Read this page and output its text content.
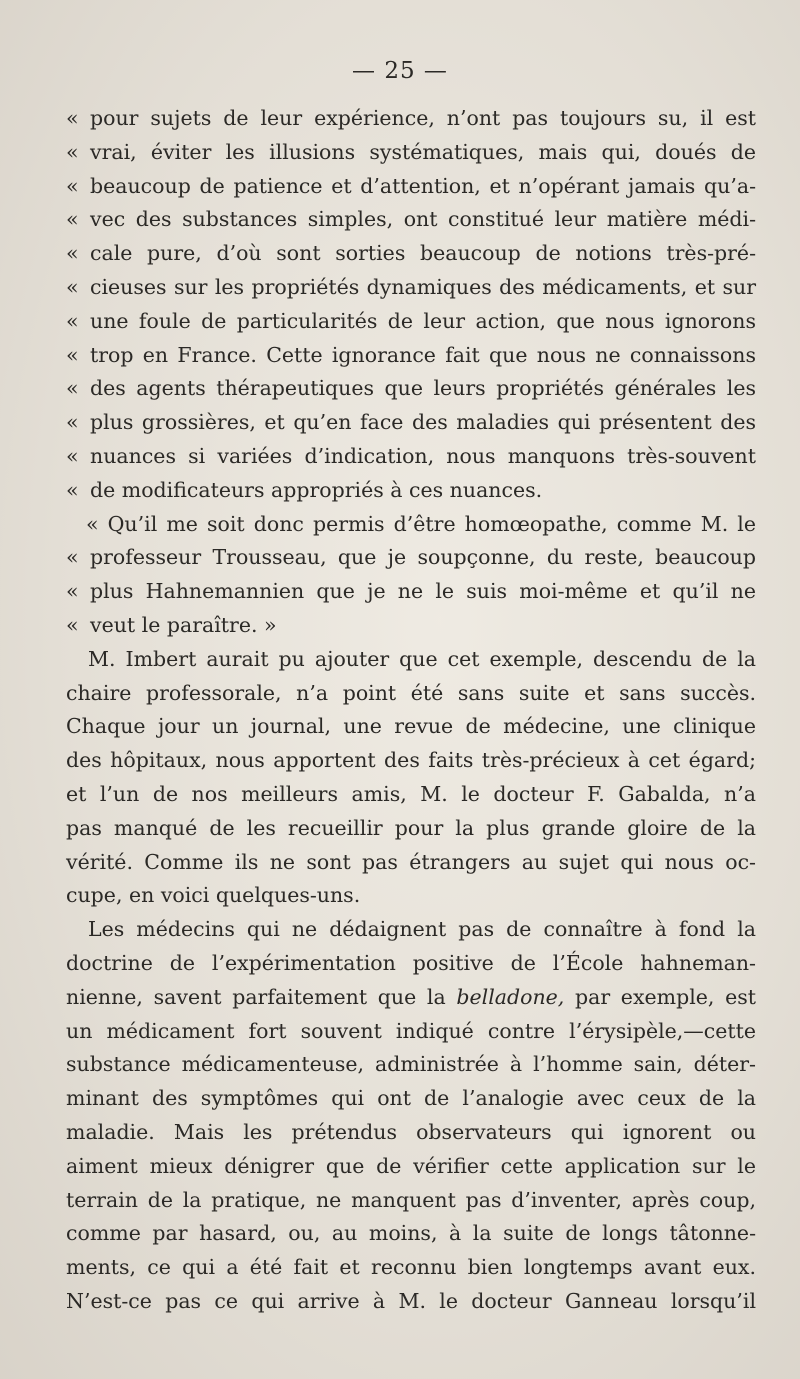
— 25 —
« pour sujets de leur expérience, n’ont pas toujours su, il est
« vrai, éviter les illusions systématiques, mais qui, doués de
« beaucoup de patience et d’attention, et n’opérant jamais qu’a-
« vec des substances simples, ont constitué leur matière médi-
« cale pure, d’où sont sorties beaucoup de notions très-pré-
« cieuses sur les propriétés dynamiques des médicaments, et sur
« une foule de particularités de leur action, que nous ignorons
« trop en France. Cette ignorance fait que nous ne connaissons
« des agents thérapeutiques que leurs propriétés générales les
« plus grossières, et qu’en face des maladies qui présentent des
« nuances si variées d’indication, nous manquons très-souvent
« de modificateurs appropriés à ces nuances.
« Qu’il me soit donc permis d’être homœopathe, comme M. le
« professeur Trousseau, que je soupçonne, du reste, beaucoup
« plus Hahnemannien que je ne le suis moi-même et qu’il ne
« veut le paraître. »
M. Imbert aurait pu ajouter que cet exemple, descendu de la
chaire professorale, n’a point été sans suite et sans succès.
Chaque jour un journal, une revue de médecine, une clinique
des hôpitaux, nous apportent des faits très-précieux à cet égard;
et l’un de nos meilleurs amis, M. le docteur F. Gabalda, n’a
pas manqué de les recueillir pour la plus grande gloire de la
vérité. Comme ils ne sont pas étrangers au sujet qui nous oc-
cupe, en voici quelques-uns.
Les médecins qui ne dédaignent pas de connaître à fond la
doctrine de l’expérimentation positive de l’École hahneman-
nienne, savent parfaitement que la belladone, par exemple, est
un médicament fort souvent indiqué contre l’érysipèle,—cette
substance médicamenteuse, administrée à l’homme sain, déter-
minant des symptômes qui ont de l’analogie avec ceux de la
maladie. Mais les prétendus observateurs qui ignorent ou
aiment mieux dénigrer que de vérifier cette application sur le
terrain de la pratique, ne manquent pas d’inventer, après coup,
comme par hasard, ou, au moins, à la suite de longs tâtonne-
ments, ce qui a été fait et reconnu bien longtemps avant eux.
N’est-ce pas ce qui arrive à M. le docteur Ganneau lorsqu’il
